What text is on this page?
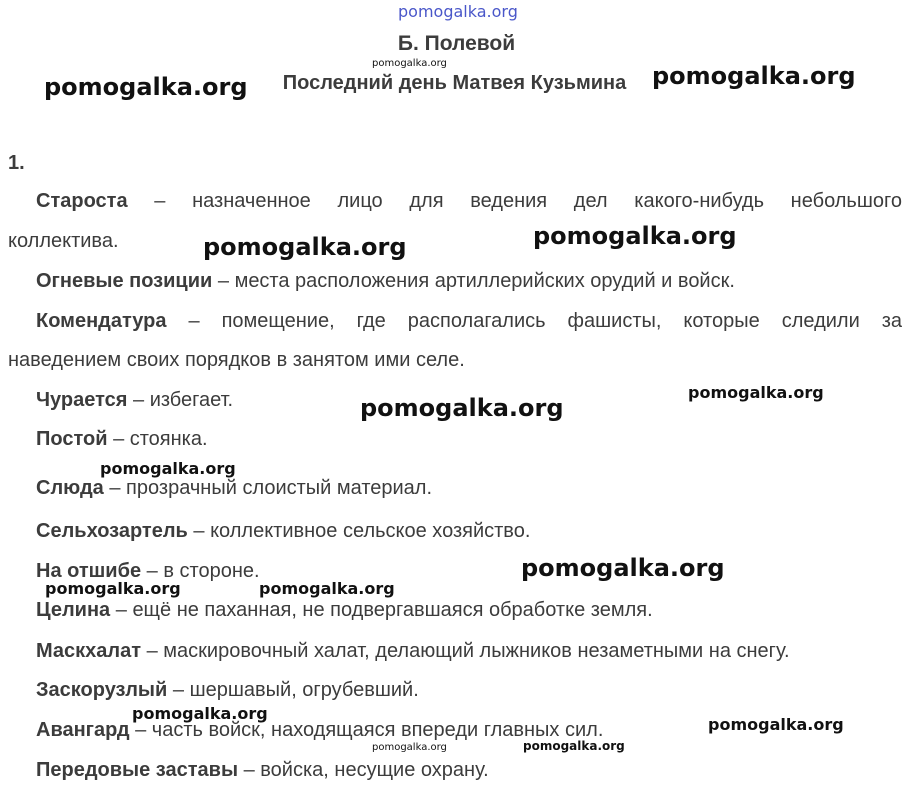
pomogalka.org
pomogalka.org
pomogalka.org	pomogalka.org
pomogalka.org	pomogalka.org
pomogalka.org
pomogalka.org
pomogalka.org
pomogalka.org
pomogalka.org	pomogalka.org
pomogalka.org
pomogalka.org
pomogalka.org	pomogalka.org
Б. Полевой
Последний день Матвея Кузьмина
1.
Староста – назначенное лицо для ведения дел какого-нибудь небольшого
коллектива.
Огневые позиции – места расположения артиллерийских орудий и войск.
Комендатура – помещение, где располагались фашисты, которые следили за
наведением своих порядков в занятом ими селе.
Чурается – избегает.
Постой – стоянка.
Слюда – прозрачный слоистый материал.
Сельхозартель – коллективное сельское хозяйство.
На отшибе – в стороне.
Целина – ещё не паханная, не подвергавшаяся обработке земля.
Маскхалат – маскировочный халат, делающий лыжников незаметными на снегу.
Заскорузлый – шершавый, огрубевший.
Авангард – часть войск, находящаяся впереди главных сил.
Передовые заставы – войска, несущие охрану.
